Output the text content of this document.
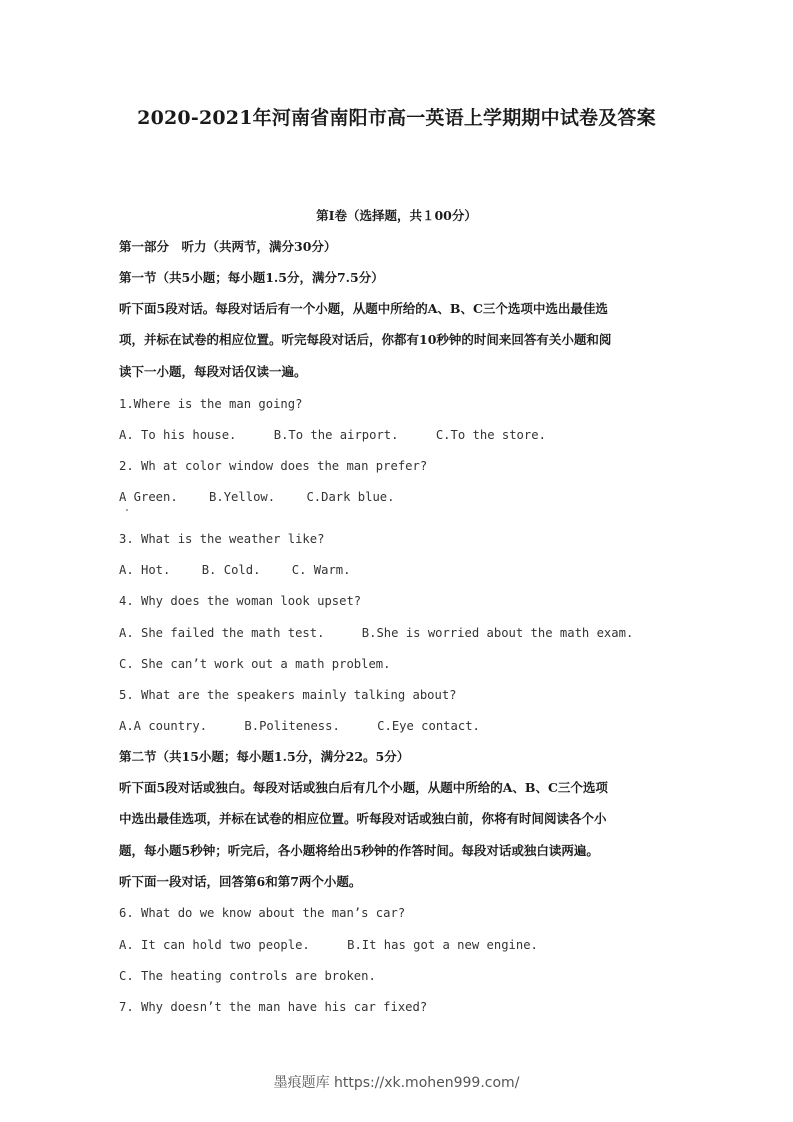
2020-2021年河南省南阳市高一英语上学期期中试卷及答案
第Ⅰ卷（选择题，共１00分）
第一部分　听力（共两节，满分30分）
第一节（共5小题；每小题1.5分，满分7.5分）
听下面5段对话。每段对话后有一个小题，从题中所给的A、B、C三个选项中选出最佳选
项，并标在试卷的相应位置。听完每段对话后，你都有10秒钟的时间来回答有关小题和阅
读下一小题，每段对话仅读一遍。
1.Where is the man going?
A. To his house.	B.To the airport.	C.To the store.
2. Wh at color window does the man prefer?
A Green.	B.Yellow.	C.Dark blue.
3. What is the weather like?
A. Hot.	B. Cold.	C. Warm.
4. Why does the woman look upset?
A. She failed the math test.	B.She is worried about the math exam.
C. She can’t work out a math problem.
5. What are the speakers mainly talking about?
A.A country.	B.Politeness.	C.Eye contact.
第二节（共15小题；每小题1.5分，满分22。5分）
听下面5段对话或独白。每段对话或独白后有几个小题，从题中所给的A、B、C三个选项
中选出最佳选项，并标在试卷的相应位置。听每段对话或独白前，你将有时间阅读各个小
题，每小题5秒钟；听完后，各小题将给出5秒钟的作答时间。每段对话或独白读两遍。
听下面一段对话，回答第6和第7两个小题。
6. What do we know about the man’s car?
A. It can hold two people.	B.It has got a new engine.
C. The heating controls are broken.
7. Why doesn’t the man have his car fixed?
墨痕题库 https://xk.mohen999.com/
